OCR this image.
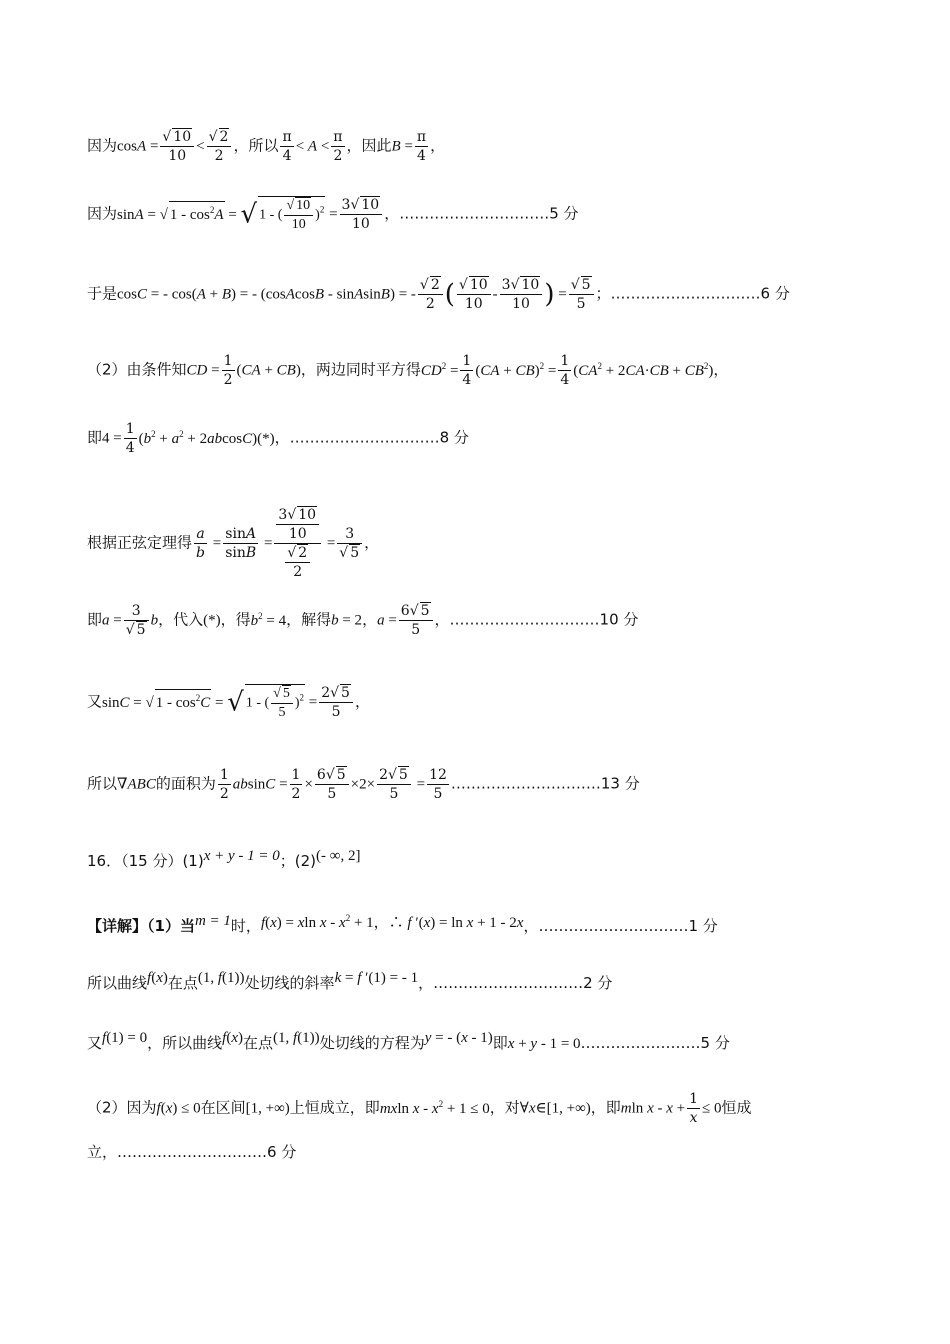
因为$\cos A = \frac{√ 10}{10} < \frac{√ 2}{2}$ ，所以 $\frac{\pi}{4} < A < \frac{\pi}{2}$ ，因此$B = \frac{\pi}{4}$ ，
因为sinA = √ $1 - \cos^2A$ = √ 1 - ( $\frac{√ 10}{10} )^2 = \frac{3√ 10}{10}$ ，…………………………5 分
于是cosC = - cos(A + B) = - (cosAcosB - sinAsinB) = - $\frac{√ 2}{2}$ ( $\frac{√ 10}{10} - \frac{3√ 10}{10}$ ) = $\frac{√ 5}{5}$ ；…………………………6 分
（2）由条件知CD = $\frac{1}{2} (CA + CB)$，两边同时平方得$CD^2 = \frac{1}{4} (CA + CB)^2 = \frac{1}{4} (CA^2 + 2CA\cdot CB + CB^2)$，
即$4 = \frac{1}{4} (b^2 + a^2 + 2abcosC)(*)$，…………………………8 分
根据正弦定理得 $\frac{a}{b} = \frac{\sin A}{\sin B} = \frac{\frac{3√ 10}{10}}{\frac{√ 2}{2}} = \frac{3}{√ 5}$ ，
即$a = \frac{3}{√ 5}$ b，代入(*)，得$b^2 = 4$，解得b = 2，$a = \frac{6√ 5}{5}$ ，…………………………10 分
又sinC = √ $1 - \cos^2C$ = √ 1 - ( $\frac{√ 5}{5} )^2 = \frac{2√ 5}{5}$ ，
所以∇ABC的面积为 $\frac{1}{2}$ $absinC = \frac{1}{2} \times \frac{6√ 5}{5} \times 2\times \frac{2√ 5}{5} = \frac{12}{5}$ …………………………13 分
16．（15 分）(1)x + y - 1 = 0；(2)(- ∞, 2]
【详解】（1）当m = 1时，f(x) = xln $x - x^2 + 1$，∴ f ′(x) = ln x + 1 - 2x，…………………………1 分
所以曲线f(x)在点(1, f(1))处切线的斜率k = f ′(1) = - 1，…………………………2 分
又f(1) = 0，所以曲线f(x)在点(1, f(1))处切线的方程为y = - (x - 1)即x + y - 1 = 0……………………5 分
（2）因为f(x) ≤ 0在区间[1, +∞)上恒成立，即mxln $x - x^2 + 1 \le 0$，对∀x∈[1, +∞)，即mln $x - x + \frac{1}{x} \le 0$恒成
立，…………………………6 分
